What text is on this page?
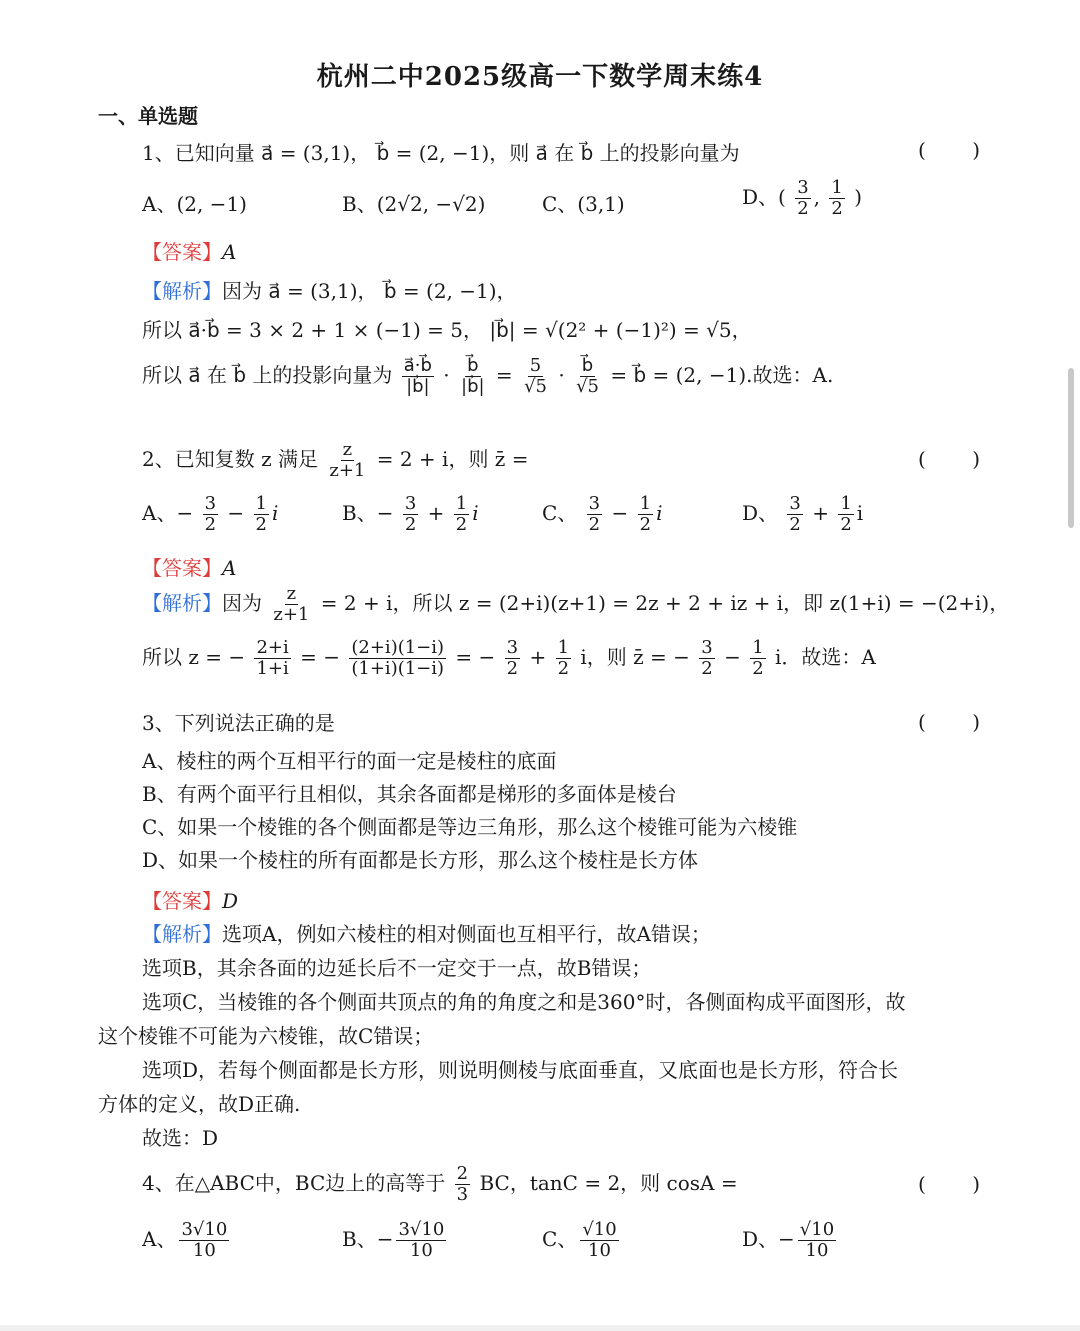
杭州二中2025级高一下数学周末练4
一、单选题
1、已知向量 a⃗ = (3,1)， b⃗ = (2, −1)，则 a⃗ 在 b⃗ 上的投影向量为	( )
A、(2, −1)	B、(2√2, −√2)	C、(3,1)	D、( $\frac{3}{2}$ , $\frac{1}{2}$ )
【答案】A
【解析】因为 a⃗ = (3,1)， b⃗ = (2, −1)，
所以 a⃗·b⃗ = 3 × 2 + 1 × (−1) = 5， |b⃗| = √(2² + (−1)²) = √5，
所以 a⃗ 在 b⃗ 上的投影向量为 $\frac{a⃗\cdot b⃗}{|b⃗|} \cdot \frac{b⃗}{|b⃗|} = \frac{5}{√5} \cdot \frac{b⃗}{√5}$ = b⃗ = (2, −1).故选：A.
2、已知复数 z 满足 $\frac{z}{z+1} = 2 + i$，则 z̄ =	( )
A、− $\frac{3}{2} - \frac{1}{2}$ i	B、− $\frac{3}{2} + \frac{1}{2}$ i	C、 $\frac{3}{2} - \frac{1}{2}$ i	D、 $\frac{3}{2} + \frac{1}{2}$ i
【答案】A
【解析】因为 $\frac{z}{z+1} = 2 + i$，所以 z = (2+i)(z+1) = 2z + 2 + iz + i，即 z(1+i) = −(2+i)，
所以 z = − $\frac{2+i}{1+i}$ = − $\frac{(2+i)(1-i)}{(1+i)(1-i)}$ = − $\frac{3}{2} + \frac{1}{2}$ i，则 z̄ = − $\frac{3}{2} - \frac{1}{2}$ i．故选：A
3、下列说法正确的是	( )
A、棱柱的两个互相平行的面一定是棱柱的底面
B、有两个面平行且相似，其余各面都是梯形的多面体是棱台
C、如果一个棱锥的各个侧面都是等边三角形，那么这个棱锥可能为六棱锥
D、如果一个棱柱的所有面都是长方形，那么这个棱柱是长方体
【答案】D
【解析】选项A，例如六棱柱的相对侧面也互相平行，故A错误；
选项B，其余各面的边延长后不一定交于一点，故B错误；
选项C，当棱锥的各个侧面共顶点的角的角度之和是360°时，各侧面构成平面图形，故
这个棱锥不可能为六棱锥，故C错误；
选项D，若每个侧面都是长方形，则说明侧棱与底面垂直，又底面也是长方形，符合长
方体的定义，故D正确.
故选：D
4、在△ABC中，BC边上的高等于 $\frac{2}{3}$ BC，tanC = 2，则 cosA =	( )
A、 $\frac{3√10}{10}$	B、− $\frac{3√10}{10}$	C、 $\frac{√10}{10}$	D、− $\frac{√10}{10}$
